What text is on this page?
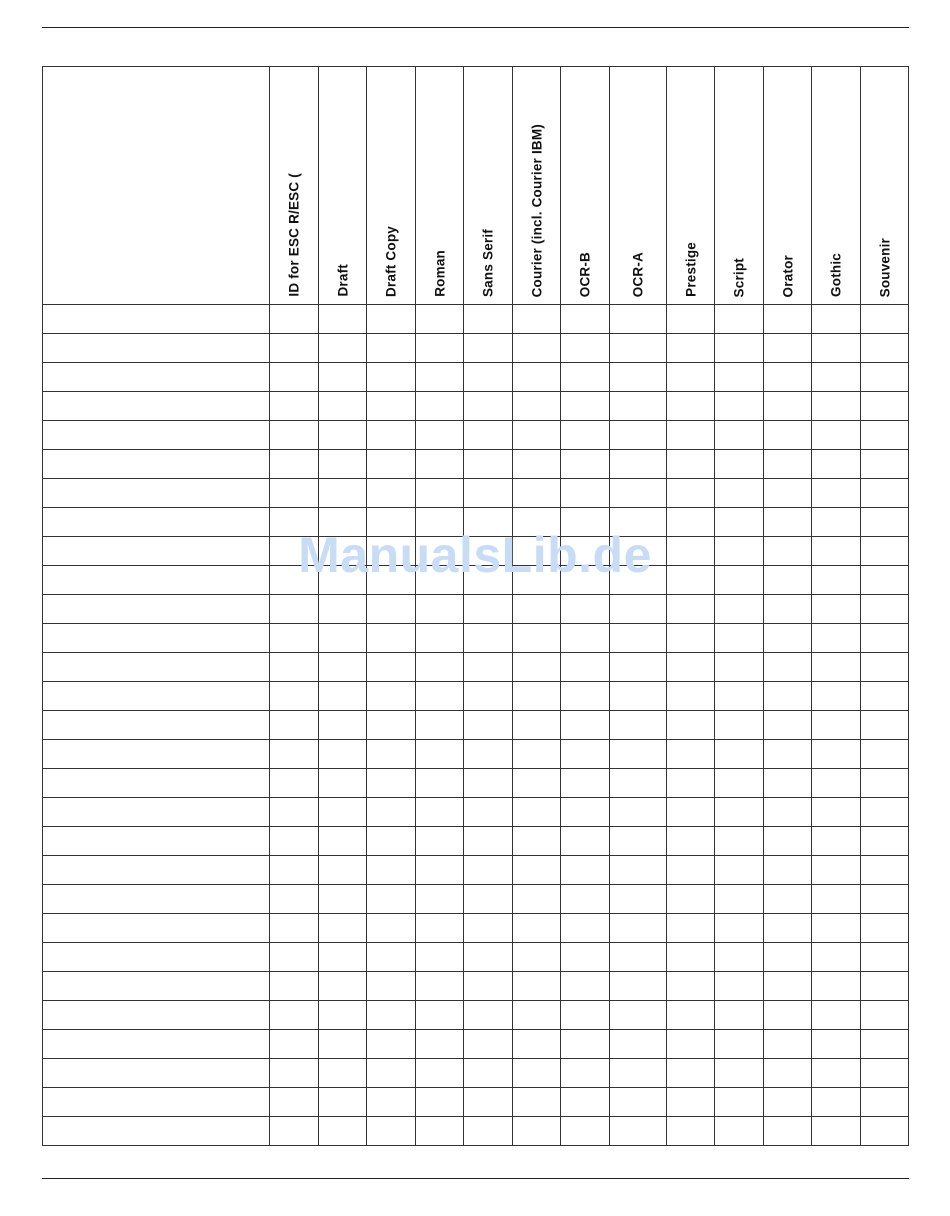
	ID for ESC R/ESC (	Draft	Draft Copy	Roman	Sans Serif	Courier (incl. Courier IBM)	OCR-B	OCR-A	Prestige	Script	Orator	Gothic	Souvenir

ManualsLib.de
